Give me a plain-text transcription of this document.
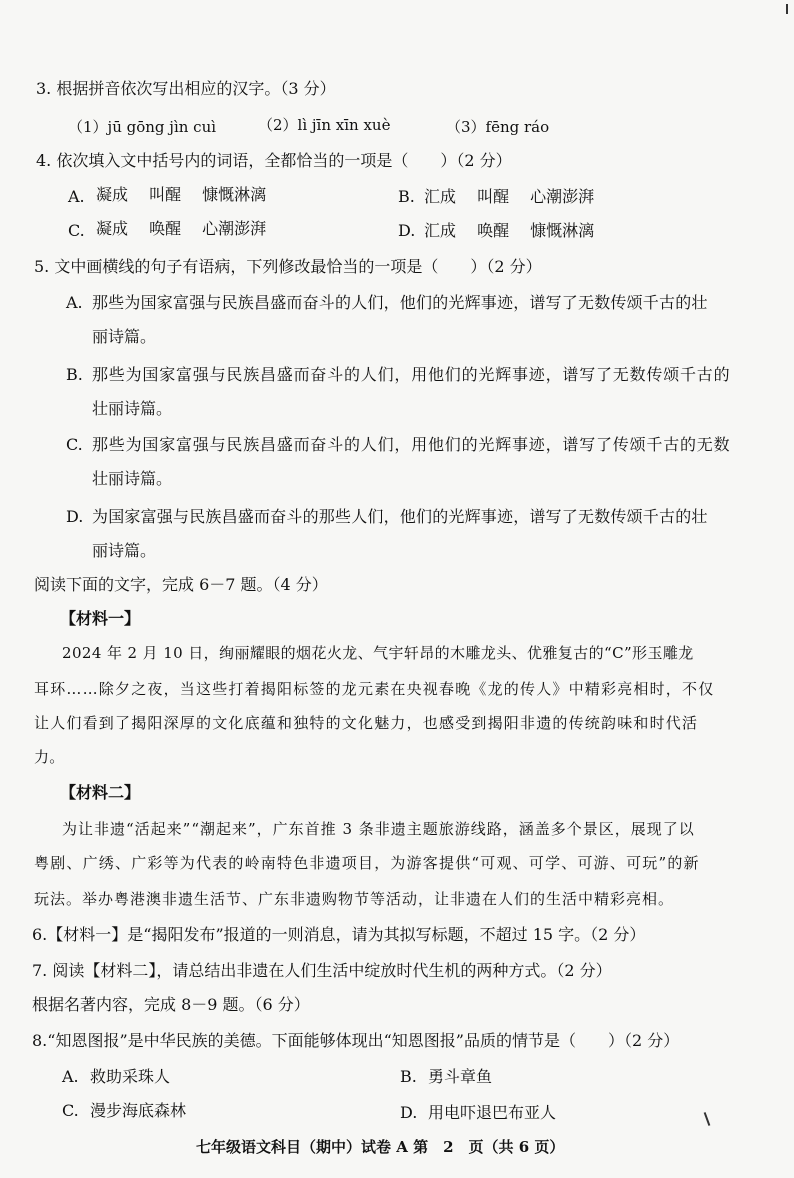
3. 根据拼音依次写出相应的汉字。（3 分）
（1）jū gōng jìn cuì	（2）lì jīn xīn xuè	（3）fēng ráo
4. 依次填入文中括号内的词语，全都恰当的一项是（　　）（2 分）
A. 凝成　 叫醒　 慷慨淋漓	B. 汇成　 叫醒　 心潮澎湃
C. 凝成　 唤醒　 心潮澎湃	D. 汇成　 唤醒　 慷慨淋漓
5. 文中画横线的句子有语病，下列修改最恰当的一项是（　　）（2 分）
A. 那些为国家富强与民族昌盛而奋斗的人们，他们的光辉事迹，谱写了无数传颂千古的壮
丽诗篇。
B. 那些为国家富强与民族昌盛而奋斗的人们，用他们的光辉事迹，谱写了无数传颂千古的
壮丽诗篇。
C. 那些为国家富强与民族昌盛而奋斗的人们，用他们的光辉事迹，谱写了传颂千古的无数
壮丽诗篇。
D. 为国家富强与民族昌盛而奋斗的那些人们，他们的光辉事迹，谱写了无数传颂千古的壮
丽诗篇。
阅读下面的文字，完成 6－7 题。（4 分）
【材料一】
2024 年 2 月 10 日，绚丽耀眼的烟花火龙、气宇轩昂的木雕龙头、优雅复古的“C”形玉雕龙
耳环……除夕之夜，当这些打着揭阳标签的龙元素在央视春晚《龙的传人》中精彩亮相时，不仅
让人们看到了揭阳深厚的文化底蕴和独特的文化魅力，也感受到揭阳非遗的传统韵味和时代活
力。
【材料二】
为让非遗“活起来”“潮起来”，广东首推 3 条非遗主题旅游线路，涵盖多个景区，展现了以
粤剧、广绣、广彩等为代表的岭南特色非遗项目，为游客提供“可观、可学、可游、可玩”的新
玩法。举办粤港澳非遗生活节、广东非遗购物节等活动，让非遗在人们的生活中精彩亮相。
6.【材料一】是“揭阳发布”报道的一则消息，请为其拟写标题，不超过 15 字。（2 分）
7. 阅读【材料二】，请总结出非遗在人们生活中绽放时代生机的两种方式。（2 分）
根据名著内容，完成 8－9 题。（6 分）
8.“知恩图报”是中华民族的美德。下面能够体现出“知恩图报”品质的情节是（　　）（2 分）
A. 救助采珠人	B. 勇斗章鱼
C. 漫步海底森林	D. 用电吓退巴布亚人
七年级语文科目（期中）试卷 A 第　2　页（共 6 页）
